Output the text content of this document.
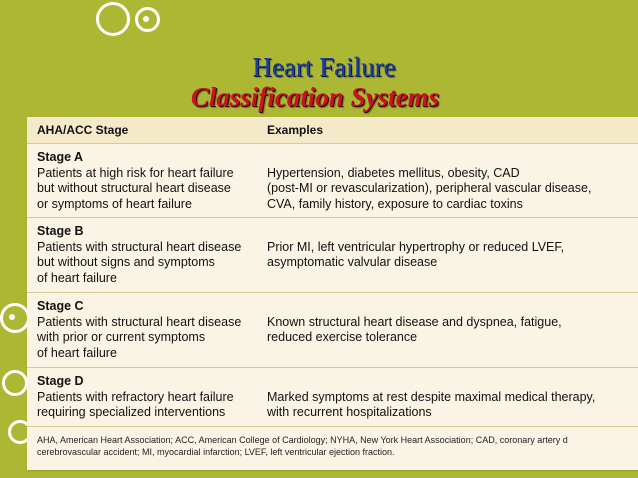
Heart Failure
Classification Systems
AHA/ACC Stage	Examples
Stage A
Patients at high risk for heart failure
but without structural heart disease
or symptoms of heart failure
Hypertension, diabetes mellitus, obesity, CAD
(post-MI or revascularization), peripheral vascular disease,
CVA, family history, exposure to cardiac toxins
Stage B
Patients with structural heart disease
but without signs and symptoms
of heart failure
Prior MI, left ventricular hypertrophy or reduced LVEF,
asymptomatic valvular disease
Stage C
Patients with structural heart disease
with prior or current symptoms
of heart failure
Known structural heart disease and dyspnea, fatigue,
reduced exercise tolerance
Stage D
Patients with refractory heart failure
requiring specialized interventions
Marked symptoms at rest despite maximal medical therapy,
with recurrent hospitalizations
AHA, American Heart Association; ACC, American College of Cardiology; NYHA, New York Heart Association; CAD, coronary artery d
cerebrovascular accident; MI, myocardial infarction; LVEF, left ventricular ejection fraction.
